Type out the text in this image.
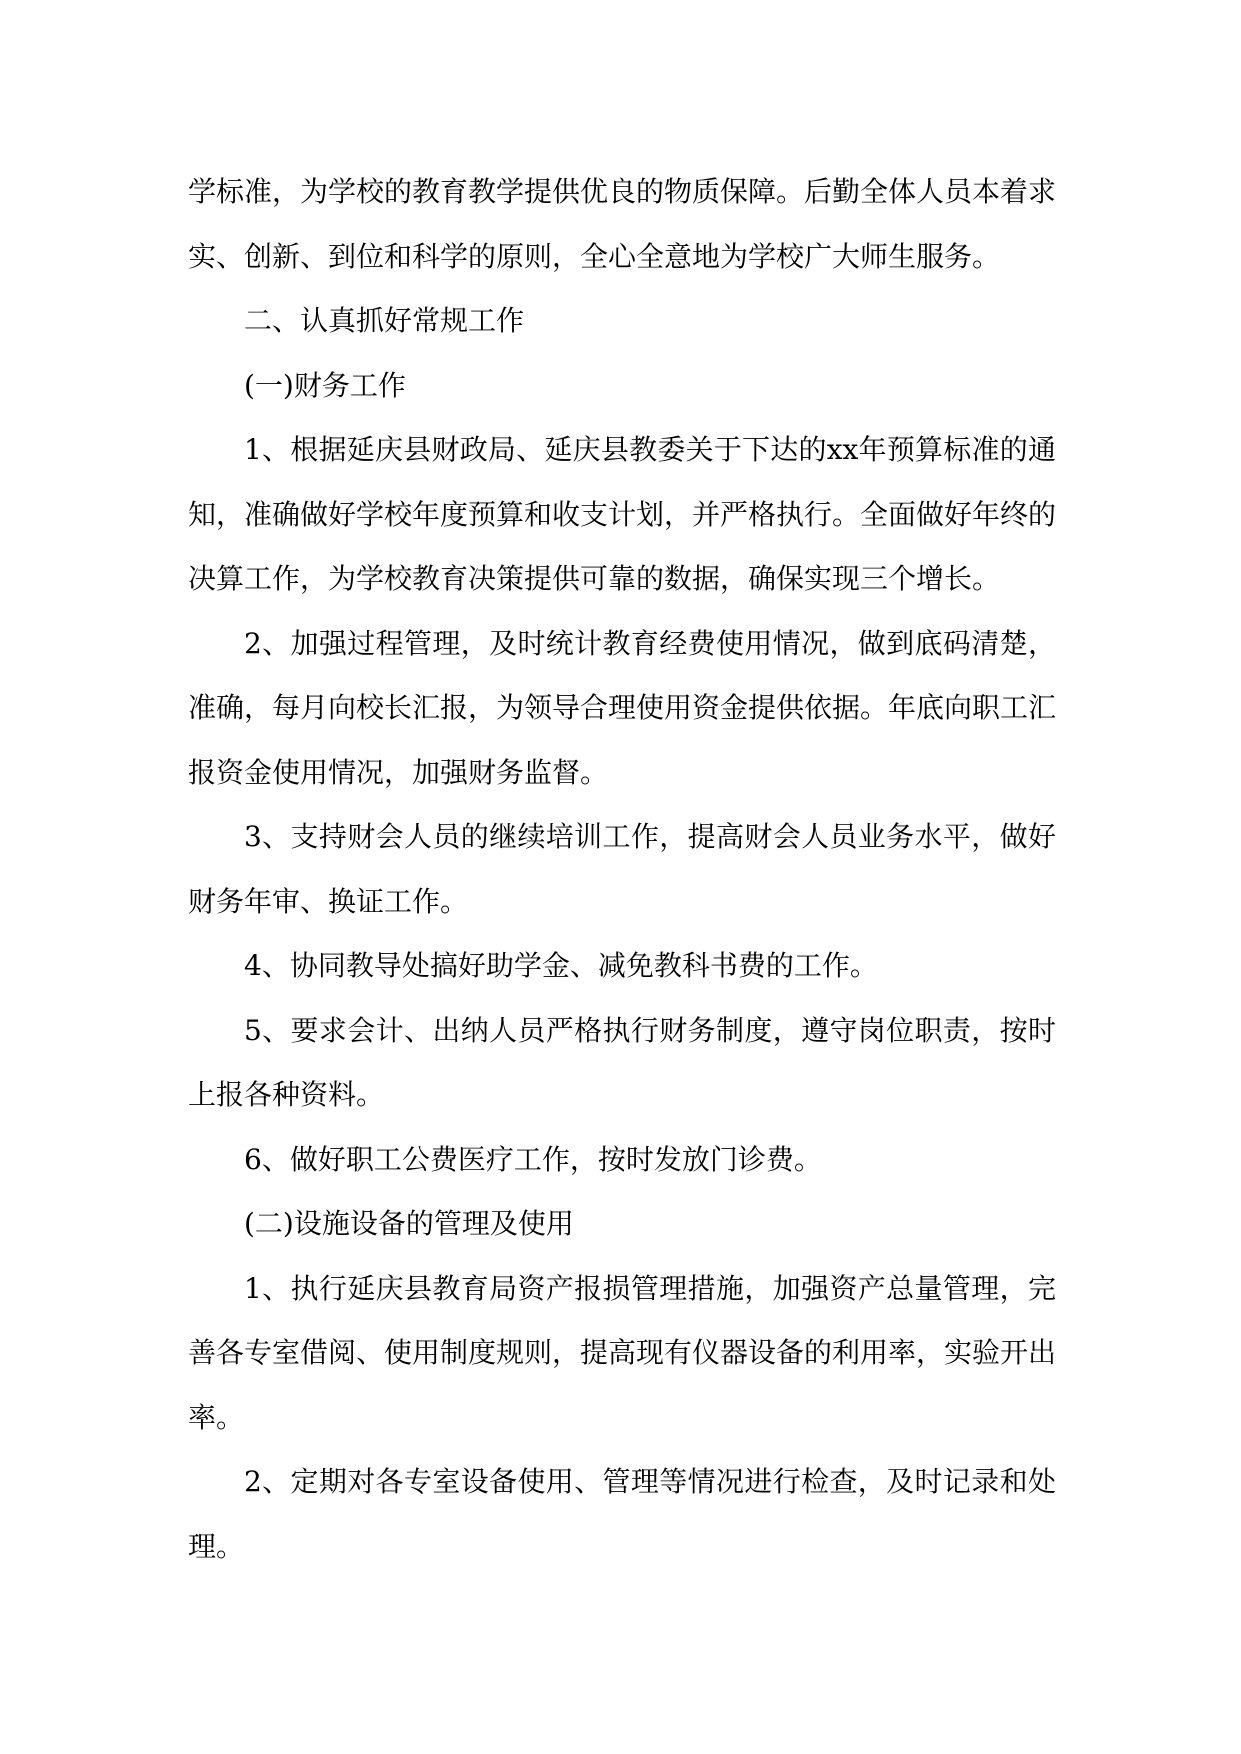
学标准，为学校的教育教学提供优良的物质保障。后勤全体人员本着求实、创新、到位和科学的原则，全心全意地为学校广大师生服务。

二、认真抓好常规工作

(一)财务工作

1、根据延庆县财政局、延庆县教委关于下达的xx年预算标准的通知，准确做好学校年度预算和收支计划，并严格执行。全面做好年终的决算工作，为学校教育决策提供可靠的数据，确保实现三个增长。

2、加强过程管理，及时统计教育经费使用情况，做到底码清楚，准确，每月向校长汇报，为领导合理使用资金提供依据。年底向职工汇报资金使用情况，加强财务监督。

3、支持财会人员的继续培训工作，提高财会人员业务水平，做好财务年审、换证工作。

4、协同教导处搞好助学金、减免教科书费的工作。

5、要求会计、出纳人员严格执行财务制度，遵守岗位职责，按时上报各种资料。

6、做好职工公费医疗工作，按时发放门诊费。

(二)设施设备的管理及使用

1、执行延庆县教育局资产报损管理措施，加强资产总量管理，完善各专室借阅、使用制度规则，提高现有仪器设备的利用率，实验开出率。

2、定期对各专室设备使用、管理等情况进行检查，及时记录和处理。
